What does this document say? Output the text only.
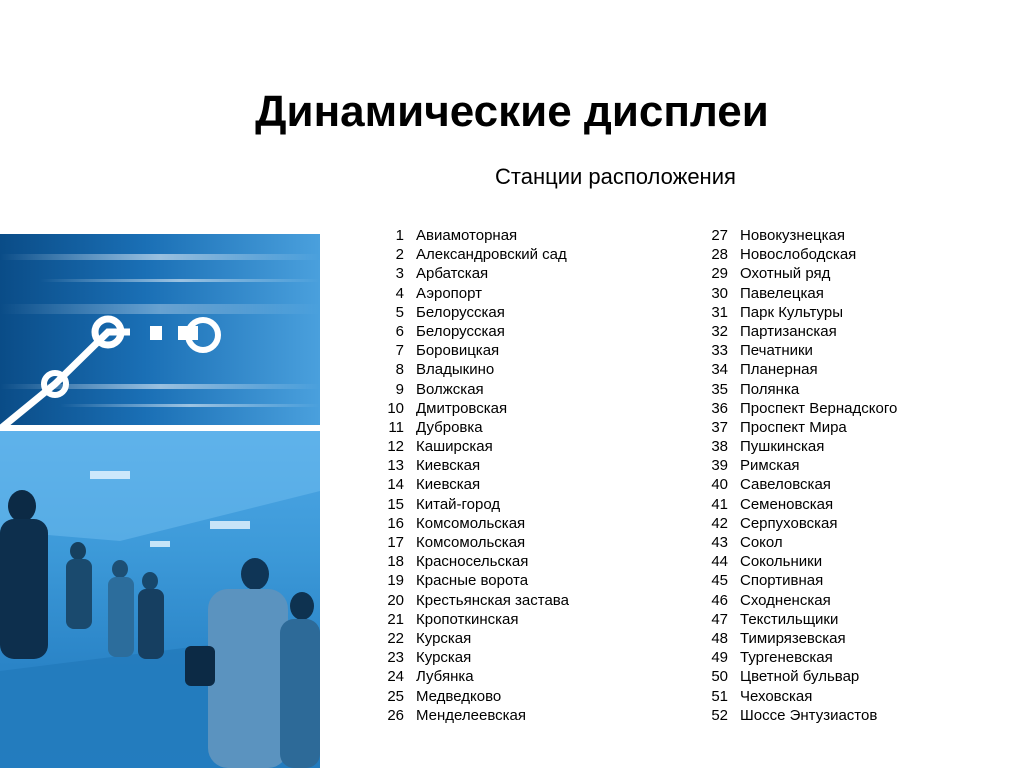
Динамические дисплеи
Станции расположения
1 Авиамоторная
2 Александровский сад
3 Арбатская
4 Аэропорт
5 Белорусская
6 Белорусская
7 Боровицкая
8 Владыкино
9 Волжская
10 Дмитровская
11 Дубровка
12 Каширская
13 Киевская
14 Киевская
15 Китай-город
16 Комсомольская
17 Комсомольская
18 Красносельская
19 Красные ворота
20 Крестьянская застава
21 Кропоткинская
22 Курская
23 Курская
24 Лубянка
25 Медведково
26 Менделеевская
27 Новокузнецкая
28 Новослободская
29 Охотный ряд
30 Павелецкая
31 Парк Культуры
32 Партизанская
33 Печатники
34 Планерная
35 Полянка
36 Проспект Вернадского
37 Проспект Мира
38 Пушкинская
39 Римская
40 Савеловская
41 Семеновская
42 Серпуховская
43 Сокол
44 Сокольники
45 Спортивная
46 Сходненская
47 Текстильщики
48 Тимирязевская
49 Тургеневская
50 Цветной бульвар
51 Чеховская
52 Шоссе Энтузиастов
